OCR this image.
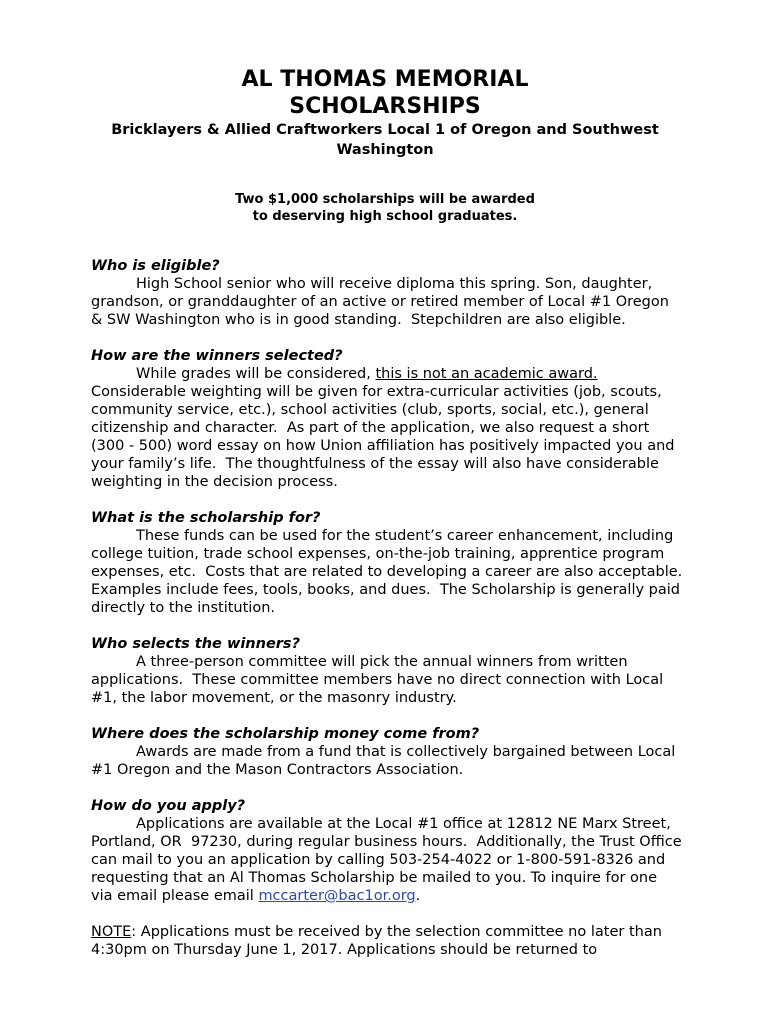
AL THOMAS MEMORIAL
SCHOLARSHIPS
Bricklayers & Allied Craftworkers Local 1 of Oregon and Southwest Washington
Two $1,000 scholarships will be awarded
to deserving high school graduates.
Who is eligible?
High School senior who will receive diploma this spring. Son, daughter, grandson, or granddaughter of an active or retired member of Local #1 Oregon & SW Washington who is in good standing.  Stepchildren are also eligible.
How are the winners selected?
While grades will be considered, this is not an academic award. Considerable weighting will be given for extra-curricular activities (job, scouts, community service, etc.), school activities (club, sports, social, etc.), general citizenship and character.  As part of the application, we also request a short (300 - 500) word essay on how Union affiliation has positively impacted you and your family’s life.  The thoughtfulness of the essay will also have considerable weighting in the decision process.
What is the scholarship for?
These funds can be used for the student’s career enhancement, including college tuition, trade school expenses, on-the-job training, apprentice program expenses, etc.  Costs that are related to developing a career are also acceptable.  Examples include fees, tools, books, and dues.  The Scholarship is generally paid directly to the institution.
Who selects the winners?
A three-person committee will pick the annual winners from written applications.  These committee members have no direct connection with Local #1, the labor movement, or the masonry industry.
Where does the scholarship money come from?
Awards are made from a fund that is collectively bargained between Local #1 Oregon and the Mason Contractors Association.
How do you apply?
Applications are available at the Local #1 office at 12812 NE Marx Street, Portland, OR  97230, during regular business hours.  Additionally, the Trust Office can mail to you an application by calling 503-254-4022 or 1-800-591-8326 and requesting that an Al Thomas Scholarship be mailed to you. To inquire for one via email please email mccarter@bac1or.org.
NOTE: Applications must be received by the selection committee no later than 4:30pm on Thursday June 1, 2017. Applications should be returned to
